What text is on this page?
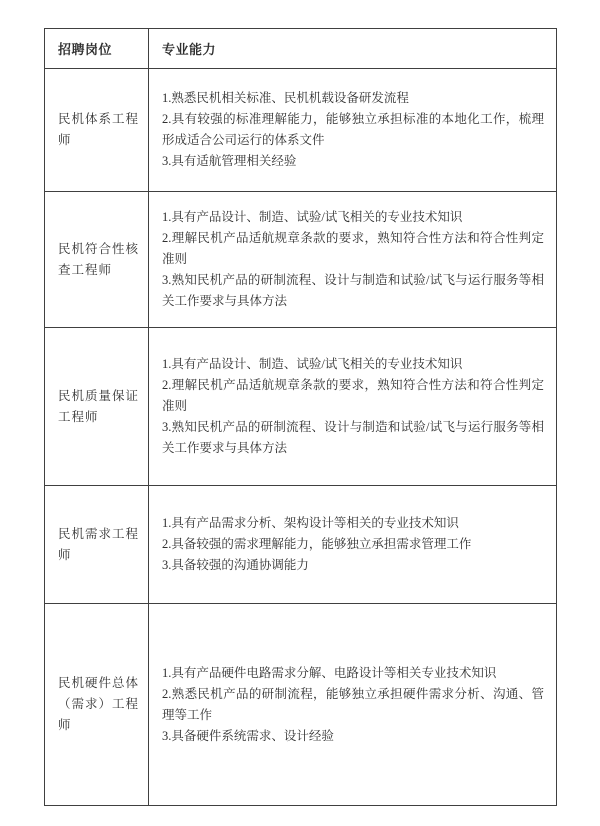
招聘岗位	专业能力

民机体系工程师	1.熟悉民机相关标准、民机机载设备研发流程
2.具有较强的标准理解能力，能够独立承担标准的本地化工作，梳理形成适合公司运行的体系文件
3.具有适航管理相关经验

民机符合性核查工程师	1.具有产品设计、制造、试验/试飞相关的专业技术知识
2.理解民机产品适航规章条款的要求，熟知符合性方法和符合性判定准则
3.熟知民机产品的研制流程、设计与制造和试验/试飞与运行服务等相关工作要求与具体方法

民机质量保证工程师	1.具有产品设计、制造、试验/试飞相关的专业技术知识
2.理解民机产品适航规章条款的要求，熟知符合性方法和符合性判定准则
3.熟知民机产品的研制流程、设计与制造和试验/试飞与运行服务等相关工作要求与具体方法

民机需求工程师	1.具有产品需求分析、架构设计等相关的专业技术知识
2.具备较强的需求理解能力，能够独立承担需求管理工作
3.具备较强的沟通协调能力

民机硬件总体（需求）工程师	1.具有产品硬件电路需求分解、电路设计等相关专业技术知识
2.熟悉民机产品的研制流程，能够独立承担硬件需求分析、沟通、管理等工作
3.具备硬件系统需求、设计经验
